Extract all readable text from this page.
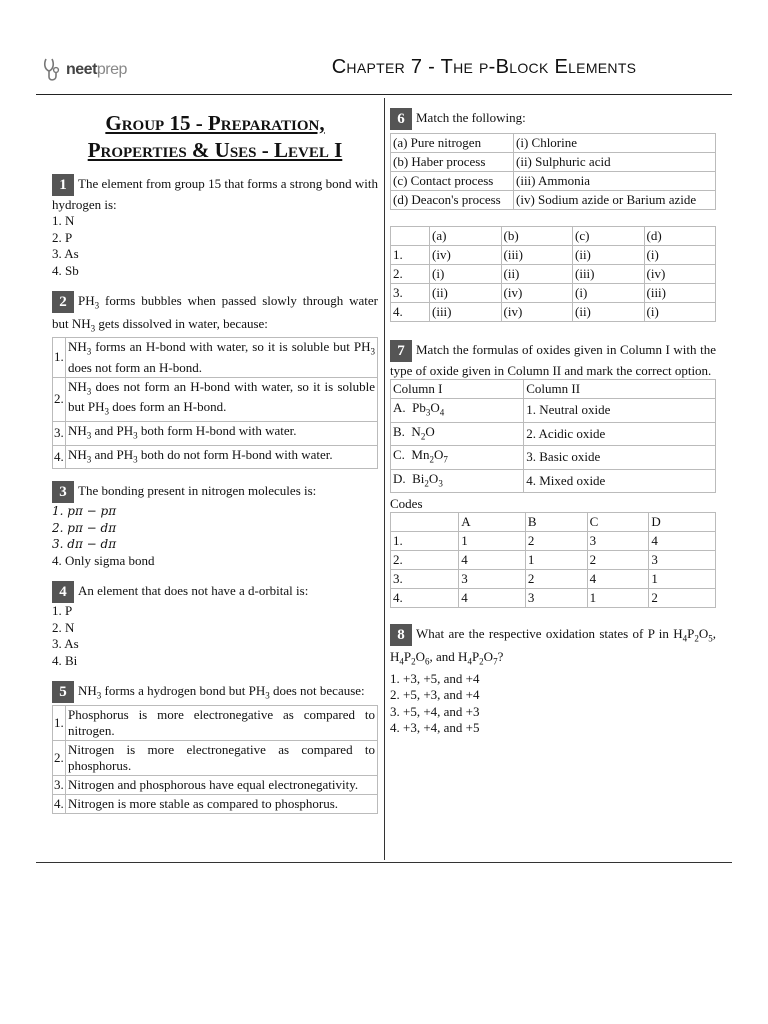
neet prep	Chapter 7 - The p-Block Elements
Group 15 - Preparation,
Properties & Uses - Level I
1 The element from group 15 that forms a strong bond with hydrogen is:
1. N
2. P
3. As
4. Sb
2 $PH_3$ forms bubbles when passed slowly through water but $NH_3$ gets dissolved in water, because:
1.	$NH_3$ forms an H-bond with water, so it is soluble but $PH_3$ does not form an H-bond.
2.	$NH_3$ does not form an H-bond with water, so it is soluble but $PH_3$ does form an H-bond.
3.	$NH_3$ and $PH_3$ both form H-bond with water.
4.	$NH_3$ and $PH_3$ both do not form H-bond with water.
3 The bonding present in nitrogen molecules is:
1. pπ − pπ
2. pπ − dπ
3. dπ − dπ
4. Only sigma bond
4 An element that does not have a d-orbital is:
1. P
2. N
3. As
4. Bi
5 $NH_3$ forms a hydrogen bond but $PH_3$ does not because:
1.	Phosphorus is more electronegative as compared to nitrogen.
2.	Nitrogen is more electronegative as compared to phosphorus.
3.	Nitrogen and phosphorous have equal electronegativity.
4.	Nitrogen is more stable as compared to phosphorus.
6 Match the following:
(a) Pure nitrogen	(i) Chlorine
(b) Haber process	(ii) Sulphuric acid
(c) Contact process	(iii) Ammonia
(d) Deacon's process	(iv) Sodium azide or Barium azide
	(a)	(b)	(c)	(d)
1.	(iv)	(iii)	(ii)	(i)
2.	(i)	(ii)	(iii)	(iv)
3.	(ii)	(iv)	(i)	(iii)
4.	(iii)	(iv)	(ii)	(i)
7 Match the formulas of oxides given in Column I with the type of oxide given in Column II and mark the correct option.
Column I	Column II
A.  $Pb_3O_4$	1. Neutral oxide
B.  $N_2O$	2. Acidic oxide
C.  $Mn_2O_7$	3. Basic oxide
D.  $Bi_2O_3$	4. Mixed oxide
Codes
	A	B	C	D
1.	1	2	3	4
2.	4	1	2	3
3.	3	2	4	1
4.	4	3	1	2
8 What are the respective oxidation states of P in $H_4P_2O_5$, $H_4P_2O_6$, and $H_4P_2O_7$?
1. +3, +5, and +4
2. +5, +3, and +4
3. +5, +4, and +3
4. +3, +4, and +5
